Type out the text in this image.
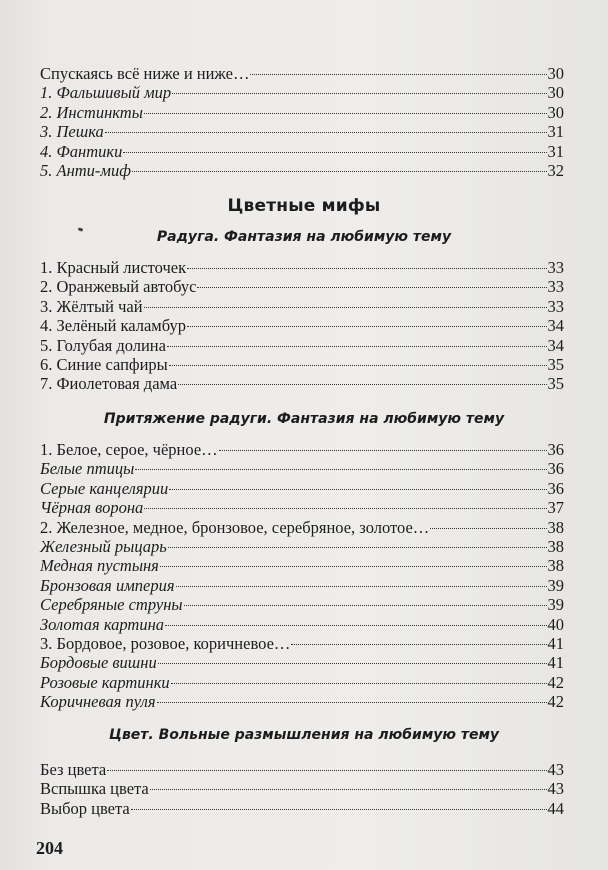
Спускаясь всё ниже и ниже…	30
1. Фальшивый мир	30
2. Инстинкты	30
3. Пешка	31
4. Фантики	31
5. Анти-миф	32
Цветные мифы
Радуга. Фантазия на любимую тему
1. Красный листочек	33
2. Оранжевый автобус	33
3. Жёлтый чай	33
4. Зелёный каламбур	34
5. Голубая долина	34
6. Синие сапфиры	35
7. Фиолетовая дама	35
Притяжение радуги. Фантазия на любимую тему
1. Белое, серое, чёрное…	36
Белые птицы	36
Серые канцелярии	36
Чёрная ворона	37
2. Железное, медное, бронзовое, серебряное, золотое…	38
Железный рыцарь	38
Медная пустыня	38
Бронзовая империя	39
Серебряные струны	39
Золотая картина	40
3. Бордовое, розовое, коричневое…	41
Бордовые вишни	41
Розовые картинки	42
Коричневая пуля	42
Цвет. Вольные размышления на любимую тему
Без цвета	43
Вспышка цвета	43
Выбор цвета	44
204
